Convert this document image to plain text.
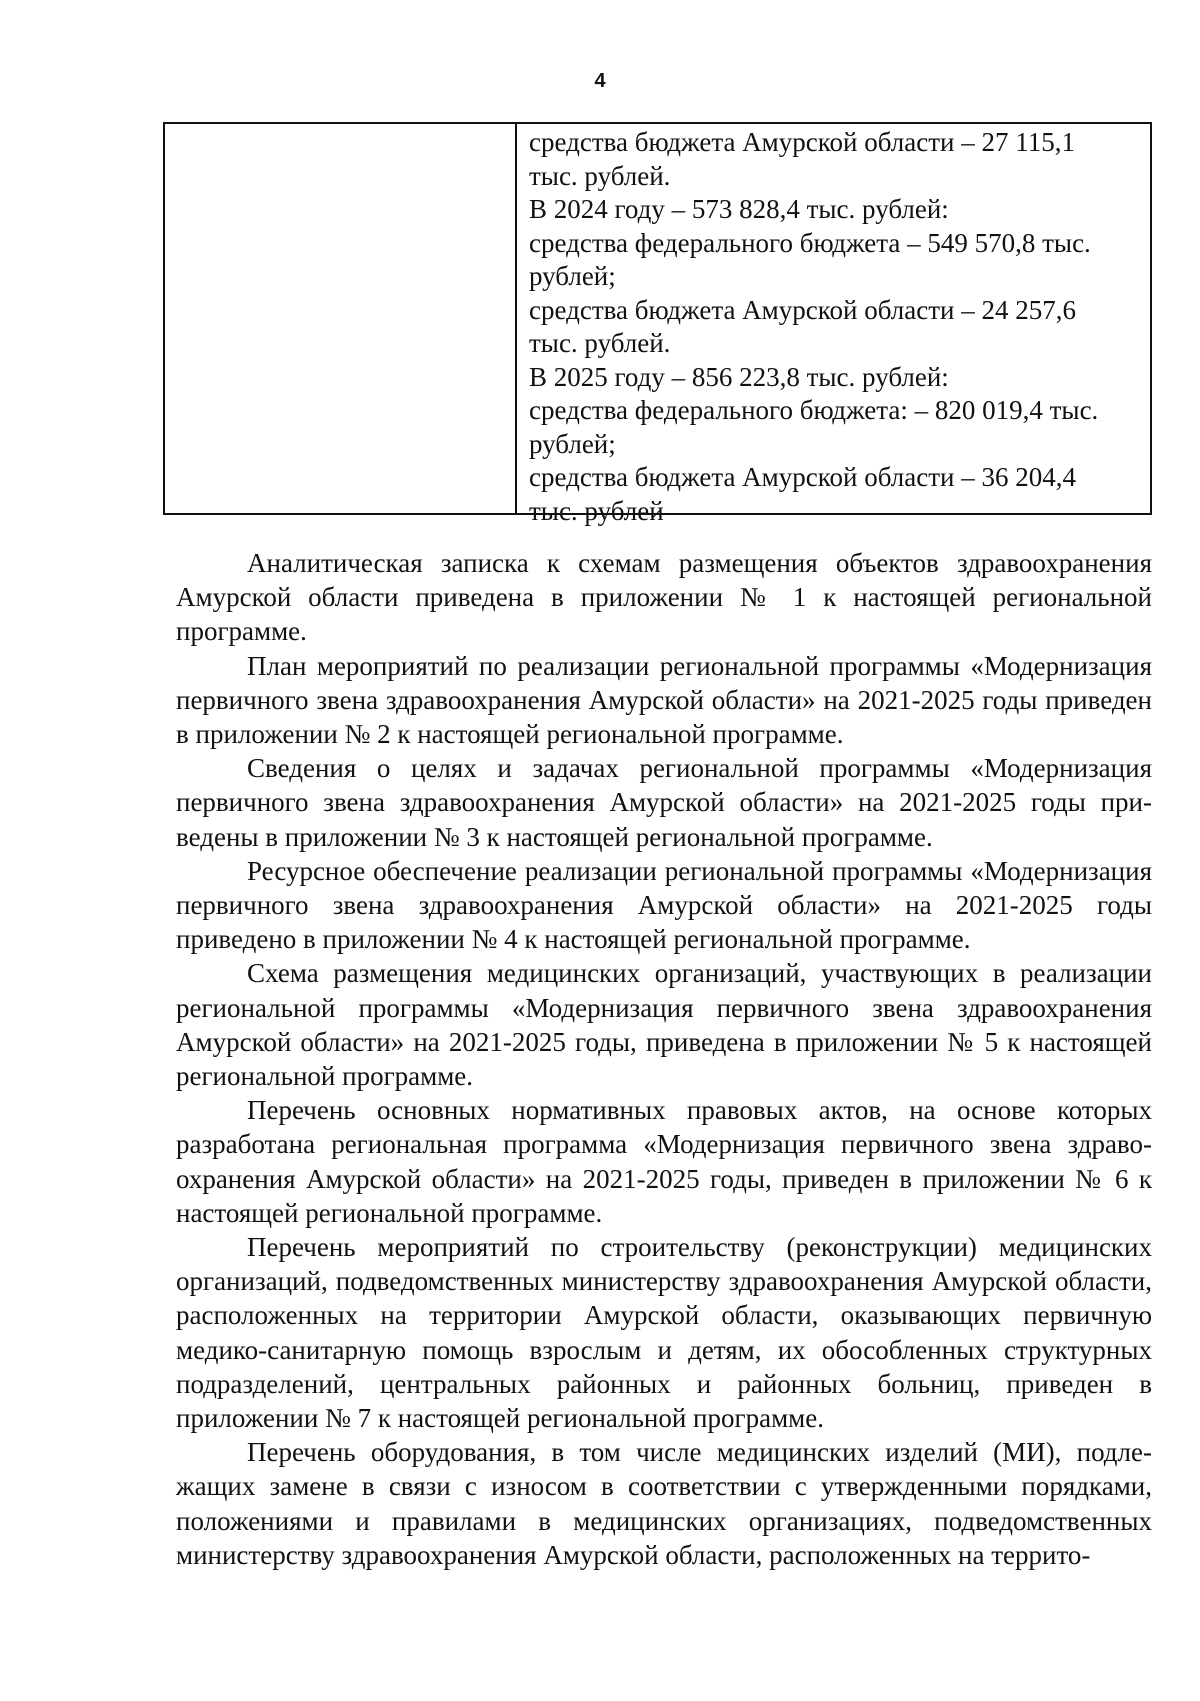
4
средства бюджета Амурской области – 27 115,1
тыс. рублей.
В 2024 году – 573 828,4 тыс. рублей:
средства федерального бюджета – 549 570,8 тыс.
рублей;
средства бюджета Амурской области – 24 257,6
тыс. рублей.
В 2025 году – 856 223,8 тыс. рублей:
средства федерального бюджета: – 820 019,4 тыс.
рублей;
средства бюджета Амурской области – 36 204,4
тыс. рублей

Аналитическая записка к схемам размещения объектов здравоохранения Амурской области приведена в приложении № 1 к настоящей региональной программе.

План мероприятий по реализации региональной программы «Модернизация первичного звена здравоохранения Амурской области» на 2021-2025 годы приведен в приложении № 2 к настоящей региональной программе.

Сведения о целях и задачах региональной программы «Модернизация первичного звена здравоохранения Амурской области» на 2021-2025 годы приведены в приложении № 3 к настоящей региональной программе.

Ресурсное обеспечение реализации региональной программы «Модернизация первичного звена здравоохранения Амурской области» на 2021-2025 годы приведено в приложении № 4 к настоящей региональной программе.

Схема размещения медицинских организаций, участвующих в реализации региональной программы «Модернизация первичного звена здравоохранения Амурской области» на 2021-2025 годы, приведена в приложении № 5 к настоящей региональной программе.

Перечень основных нормативных правовых актов, на основе которых разработана региональная программа «Модернизация первичного звена здравоохранения Амурской области» на 2021-2025 годы, приведен в приложении № 6 к настоящей региональной программе.

Перечень мероприятий по строительству (реконструкции) медицинских организаций, подведомственных министерству здравоохранения Амурской области, расположенных на территории Амурской области, оказывающих первичную медико-санитарную помощь взрослым и детям, их обособленных структурных подразделений, центральных районных и районных больниц, приведен в приложении № 7 к настоящей региональной программе.

Перечень оборудования, в том числе медицинских изделий (МИ), подлежащих замене в связи с износом в соответствии с утвержденными порядками, положениями и правилами в медицинских организациях, подведомственных министерству здравоохранения Амурской области, расположенных на террито-
